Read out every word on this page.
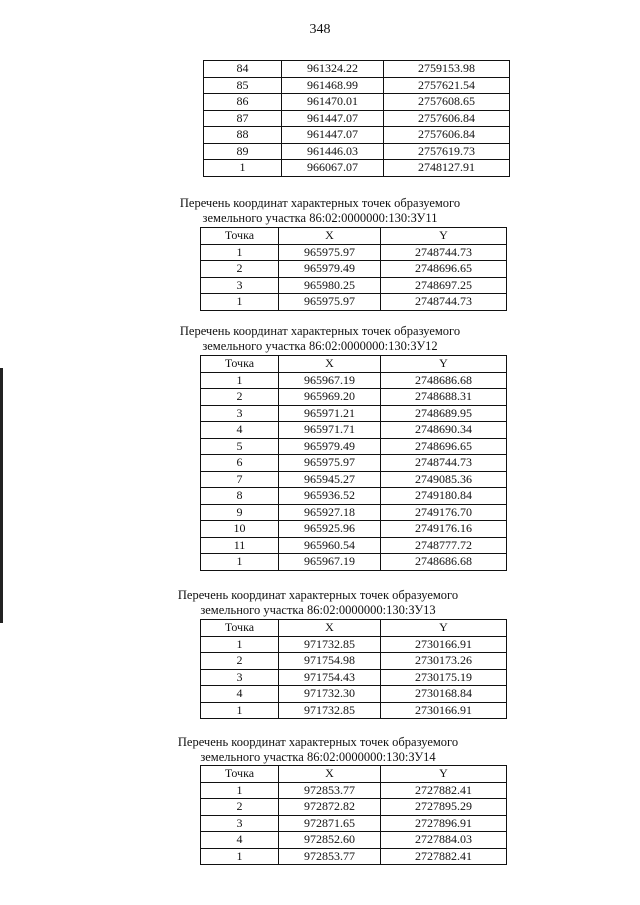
348
84	961324.22	2759153.98
85	961468.99	2757621.54
86	961470.01	2757608.65
87	961447.07	2757606.84
88	961447.07	2757606.84
89	961446.03	2757619.73
1	966067.07	2748127.91
Перечень координат характерных точек образуемого
земельного участка 86:02:0000000:130:ЗУ11
Точка	X	Y
1	965975.97	2748744.73
2	965979.49	2748696.65
3	965980.25	2748697.25
1	965975.97	2748744.73
Перечень координат характерных точек образуемого
земельного участка 86:02:0000000:130:ЗУ12
Точка	X	Y
1	965967.19	2748686.68
2	965969.20	2748688.31
3	965971.21	2748689.95
4	965971.71	2748690.34
5	965979.49	2748696.65
6	965975.97	2748744.73
7	965945.27	2749085.36
8	965936.52	2749180.84
9	965927.18	2749176.70
10	965925.96	2749176.16
11	965960.54	2748777.72
1	965967.19	2748686.68
Перечень координат характерных точек образуемого
земельного участка 86:02:0000000:130:ЗУ13
Точка	X	Y
1	971732.85	2730166.91
2	971754.98	2730173.26
3	971754.43	2730175.19
4	971732.30	2730168.84
1	971732.85	2730166.91
Перечень координат характерных точек образуемого
земельного участка 86:02:0000000:130:ЗУ14
Точка	X	Y
1	972853.77	2727882.41
2	972872.82	2727895.29
3	972871.65	2727896.91
4	972852.60	2727884.03
1	972853.77	2727882.41
